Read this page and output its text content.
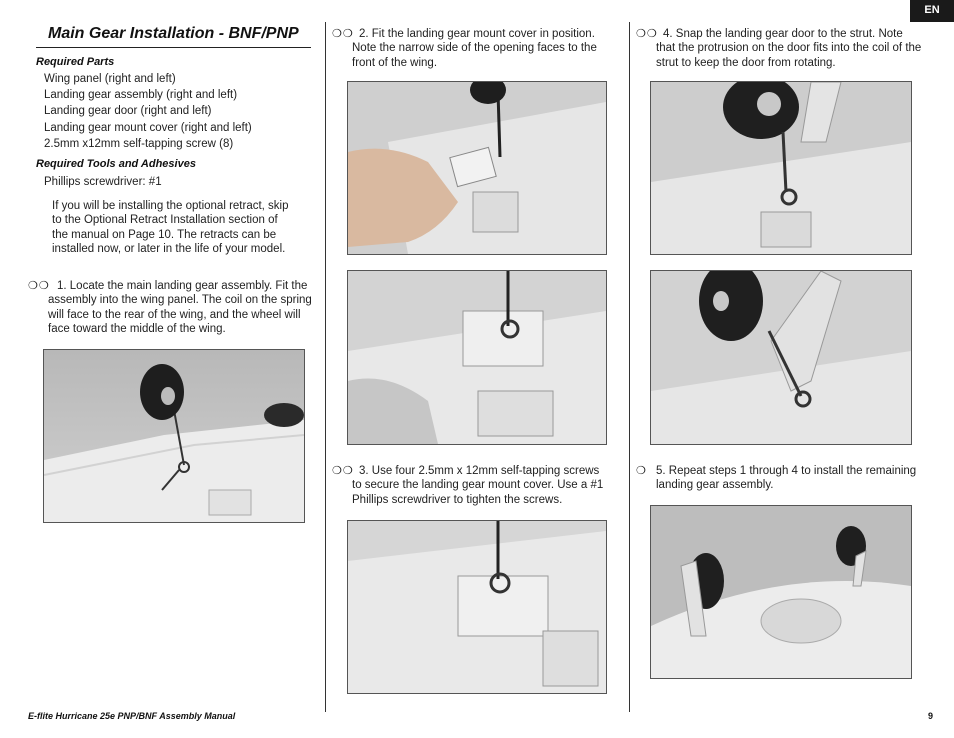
EN
Main Gear Installation - BNF/PNP
Required Parts
Wing panel (right and left)
Landing gear assembly (right and left)
Landing gear door (right and left)
Landing gear mount cover (right and left)
2.5mm x12mm self-tapping screw (8)
Required Tools and Adhesives
Phillips screwdriver: #1
If you will be installing the optional retract, skip
to the Optional Retract Installation section of
the manual on Page 10. The retracts can be
installed now, or later in the life of your model.
❍❍ 1. Locate the main landing gear assembly. Fit the
assembly into the wing panel. The coil on the spring
will face to the rear of the wing, and the wheel will
face toward the middle of the wing.
❍❍ 2. Fit the landing gear mount cover in position.
Note the narrow side of the opening faces to the
front of the wing.
❍❍ 3. Use four 2.5mm x 12mm self-tapping screws
to secure the landing gear mount cover. Use a #1
Phillips screwdriver to tighten the screws.
❍❍ 4. Snap the landing gear door to the strut. Note
that the protrusion on the door fits into the coil of the
strut to keep the door from rotating.
❍ 5. Repeat steps 1 through 4 to install the remaining
landing gear assembly.
E-flite Hurricane 25e PNP/BNF Assembly Manual	9
